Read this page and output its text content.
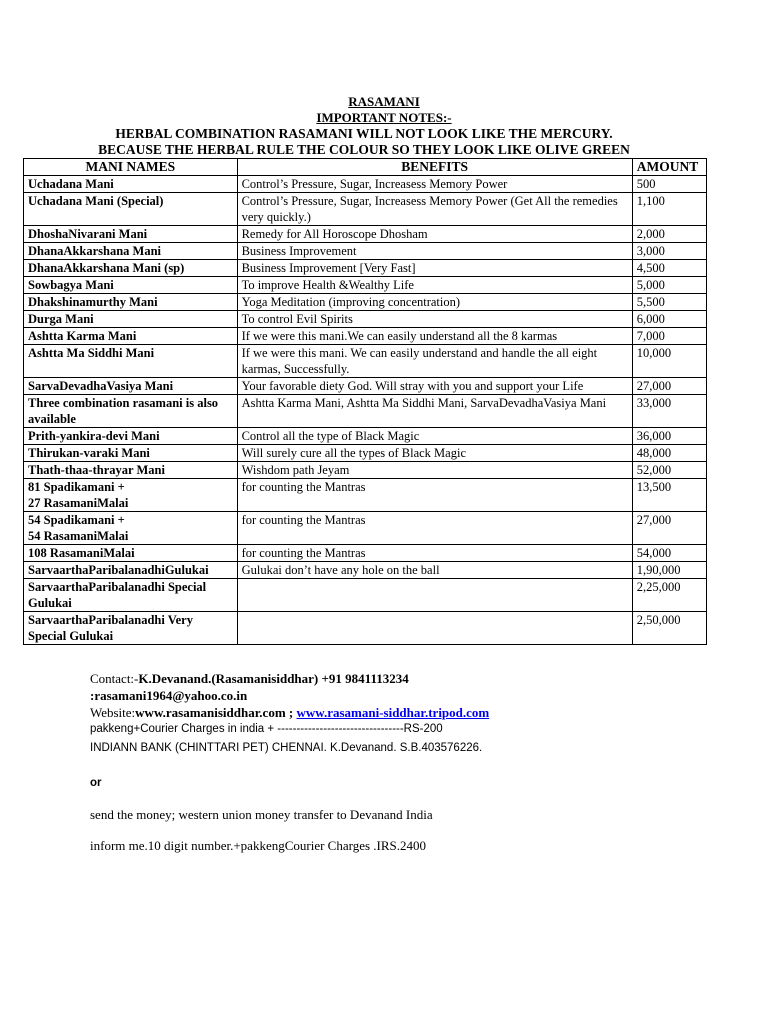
RASAMANI
IMPORTANT NOTES:-
HERBAL COMBINATION RASAMANI WILL NOT LOOK LIKE THE MERCURY.
BECAUSE THE HERBAL RULE THE COLOUR SO THEY LOOK LIKE OLIVE GREEN
MANI NAMES	BENEFITS	AMOUNT
Uchadana Mani	Control’s Pressure, Sugar, Increasess Memory Power	500
Uchadana Mani (Special)	Control’s Pressure, Sugar, Increasess Memory Power (Get All the remedies very quickly.)	1,100
DhoshaNivarani Mani	Remedy for All Horoscope Dhosham	2,000
DhanaAkkarshana Mani	Business Improvement	3,000
DhanaAkkarshana Mani (sp)	Business Improvement [Very Fast]	4,500
Sowbagya Mani	To improve Health &Wealthy Life	5,000
Dhakshinamurthy Mani	Yoga Meditation (improving concentration)	5,500
Durga Mani	To control Evil Spirits	6,000
Ashtta Karma Mani	If we were this mani.We can easily understand all the 8 karmas	7,000
Ashtta Ma Siddhi Mani	If we were this mani. We can easily understand and handle the all eight karmas, Successfully.	10,000
SarvaDevadhaVasiya Mani	Your favorable diety God. Will stray with you and support your Life	27,000
Three combination rasamani is also available	Ashtta Karma Mani, Ashtta Ma Siddhi Mani, SarvaDevadhaVasiya Mani	33,000
Prith-yankira-devi Mani	Control all the type of Black Magic	36,000
Thirukan-varaki Mani	Will surely cure all the types of Black Magic	48,000
Thath-thaa-thrayar Mani	Wishdom path Jeyam	52,000
81 Spadikamani +
27 RasamaniMalai	for counting the Mantras	13,500
54 Spadikamani +
54 RasamaniMalai	for counting the Mantras	27,000
108 RasamaniMalai	for counting the Mantras	54,000
SarvaarthaParibalanadhiGulukai	Gulukai don’t have any hole on the ball	1,90,000
SarvaarthaParibalanadhi Special Gulukai		2,25,000
SarvaarthaParibalanadhi Very Special Gulukai		2,50,000
Contact:-K.Devanand.(Rasamanisiddhar) +91 9841113234
:rasamani1964@yahoo.co.in
Website:www.rasamanisiddhar.com ; www.rasamani-siddhar.tripod.com
pakkeng+Courier Charges in india + ---------------------------------RS-200
INDIANN BANK (CHINTTARI PET) CHENNAI. K.Devanand. S.B.403576226.
or
send the money; western union money transfer to Devanand India
inform me.10 digit number.+pakkengCourier Charges .IRS.2400
